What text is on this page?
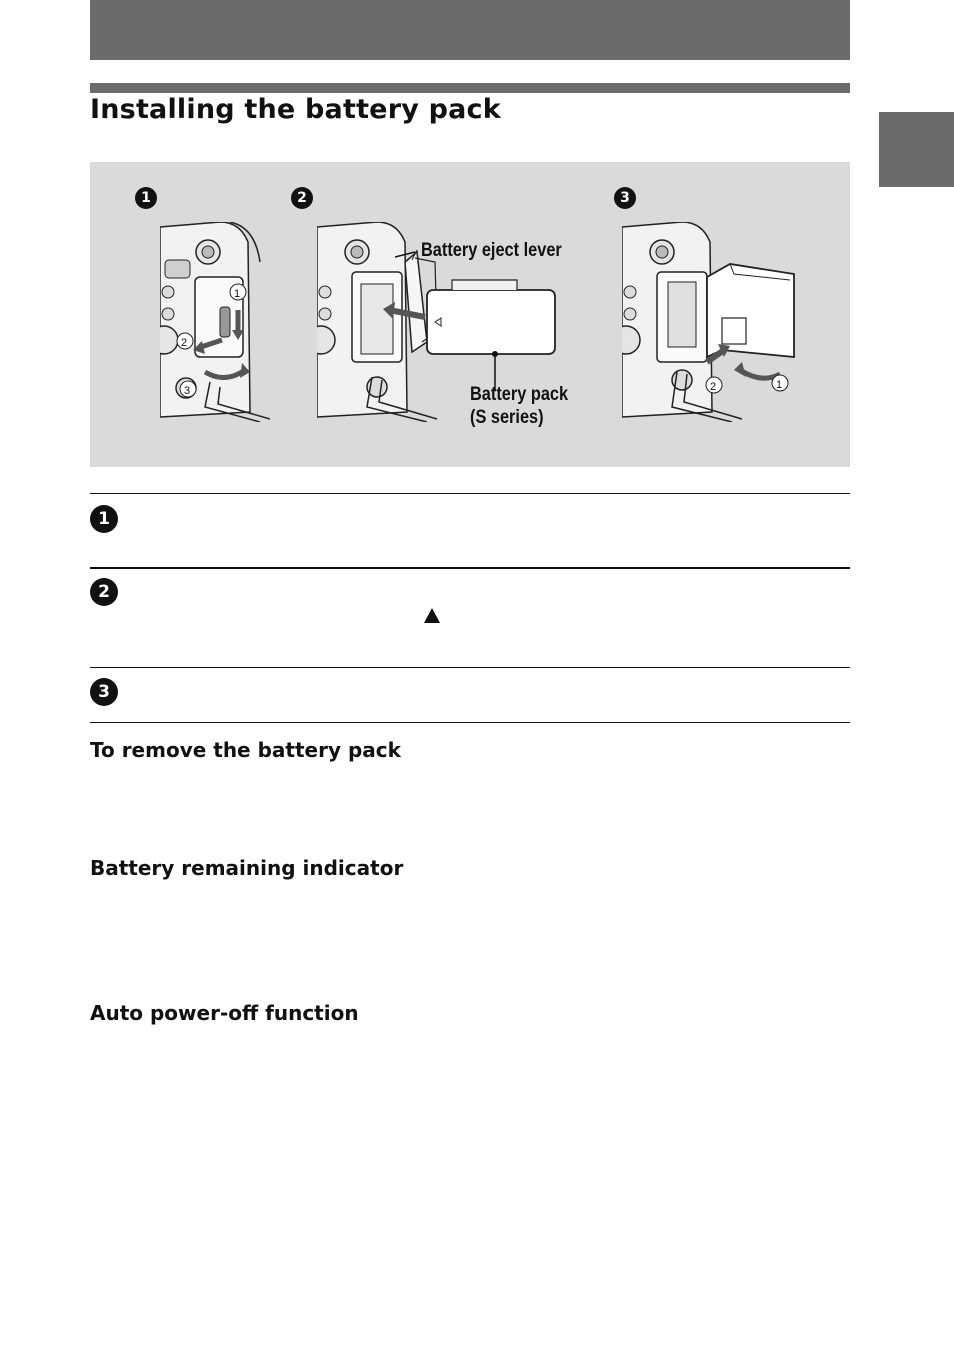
Installing the battery pack
1	2	3
1
2
3
Battery eject lever
Battery pack
(S series)
1
2
1
2
3
To remove the battery pack
Battery remaining indicator
Auto power-off function
